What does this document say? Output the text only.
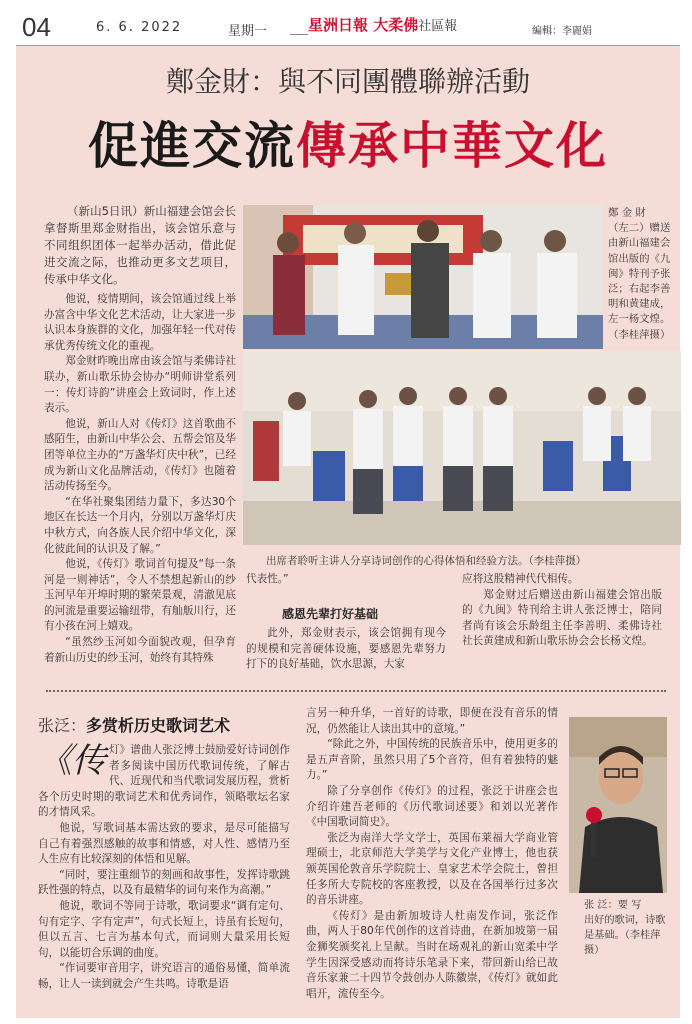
04	6. 6. 2022	星期一	星洲日報 大柔佛社區報	編輯：李麗娟
鄭金財：與不同團體聯辦活動
促進交流傳承中華文化

（新山5日讯）新山福建会馆会长拿督斯里郑金财指出，该会馆乐意与不同组织团体一起举办活动，借此促进交流之际，也推动更多文艺项目，传承中华文化。

他说，疫情期间，该会馆通过线上举办富含中华文化艺术活动，让大家进一步认识本身族群的文化，加强年轻一代对传承优秀传统文化的重视。

郑金财昨晚出席由该会馆与柔佛诗社联办，新山歌乐协会协办“明师讲堂系列一：传灯诗韵”讲座会上致词时，作上述表示。

他说，新山人对《传灯》这首歌曲不感陌生，由新山中华公会、五帮会馆及华团等单位主办的“万盏华灯庆中秋”，已经成为新山文化品牌活动，《传灯》也随着活动传扬至今。

“在华社聚集团结力量下，多达30个地区在长达一个月内，分别以万盏华灯庆中秋方式，向各族人民介绍中华文化，深化彼此间的认识及了解。”

他说，《传灯》歌词首句提及“每一条河是一则神话”，令人不禁想起新山的纱玉河早年开埠时期的繁荣景观，清澈见底的河流是重要运输纽带，有舢舨川行，还有小孩在河上嬉戏。

“虽然纱玉河如今面貌改观，但孕育着新山历史的纱玉河，始终有其特殊

鄭 金 財
（左二）赠送
由新山福建会
馆出版的《九
闽》特刊予张
泛；右起李善
明和黄建成，
左一杨文煌。
（李桂萍摄）
出席者聆听主讲人分享诗词创作的心得体悟和经验方法。（李桂萍摄）

代表性。”

感恩先辈打好基础

此外，郑金财表示，该会馆拥有现今的规模和完善硬体设施，要感恩先辈努力打下的良好基础，饮水思源，大家

应将这股精神代代相传。

郑金财过后赠送由新山福建会馆出版的《九闽》特刊给主讲人张泛博士，陪同者尚有该会乐龄组主任李善明、柔佛诗社社长黄建成和新山歌乐协会会长杨文煌。

张泛：多赏析历史歌词艺术

《传灯》谱曲人张泛博士鼓励爱好诗词创作者多阅读中国历代歌词传统，了解古代、近现代和当代歌词发展历程，赏析各个历史时期的歌词艺术和优秀词作，领略歌坛名家的才情风采。

他说，写歌词基本需达致的要求，是尽可能描写自己有着强烈感触的故事和情感，对人性、感情乃至人生应有比较深刻的体悟和见解。

“同时，要注重细节的刻画和故事性，发挥诗歌跳跃性强的特点，以及有最精华的词句来作为高潮。”

他说，歌词不等同于诗歌，歌词要求“调有定句、句有定字、字有定声”，句式长短上，诗虽有长短句，但以五言、七言为基本句式，而词则大量采用长短句，以能切合乐调的曲度。

“作词要审音用字，讲究语言的通俗易懂，简单流畅，让人一读到就会产生共鸣。诗歌是语

言另一种升华，一首好的诗歌，即便在没有音乐的情况，仍然能让人读出其中的意境。”

“除此之外，中国传统的民族音乐中，使用更多的是五声音阶，虽然只用了5个音符，但有着独特的魅力。”

除了分享创作《传灯》的过程，张泛于讲座会也介绍许建吾老师的《历代歌词述要》和刘以光著作《中国歌词简史》。

张泛为南洋大学文学士，英国布莱福大学商业管理硕士，北京师范大学美学与文化产业博士，他也获颁英国伦敦音乐学院院士、皇家艺术学会院士，曾担任多所大专院校的客座教授，以及在各国举行过多次的音乐讲座。

《传灯》是由新加坡诗人杜南发作词，张泛作曲，两人于80年代创作的这首诗曲，在新加坡第一届金狮奖颁奖礼上呈献。当时在场观礼的新山宽柔中学学生因深受感动而将诗乐笔录下来，带回新山给已故音乐家兼二十四节令鼓创办人陈徽崇，《传灯》就如此唱开，流传至今。

张 泛：要 写
出好的歌词，诗歌
是基础。（李桂萍
摄）
